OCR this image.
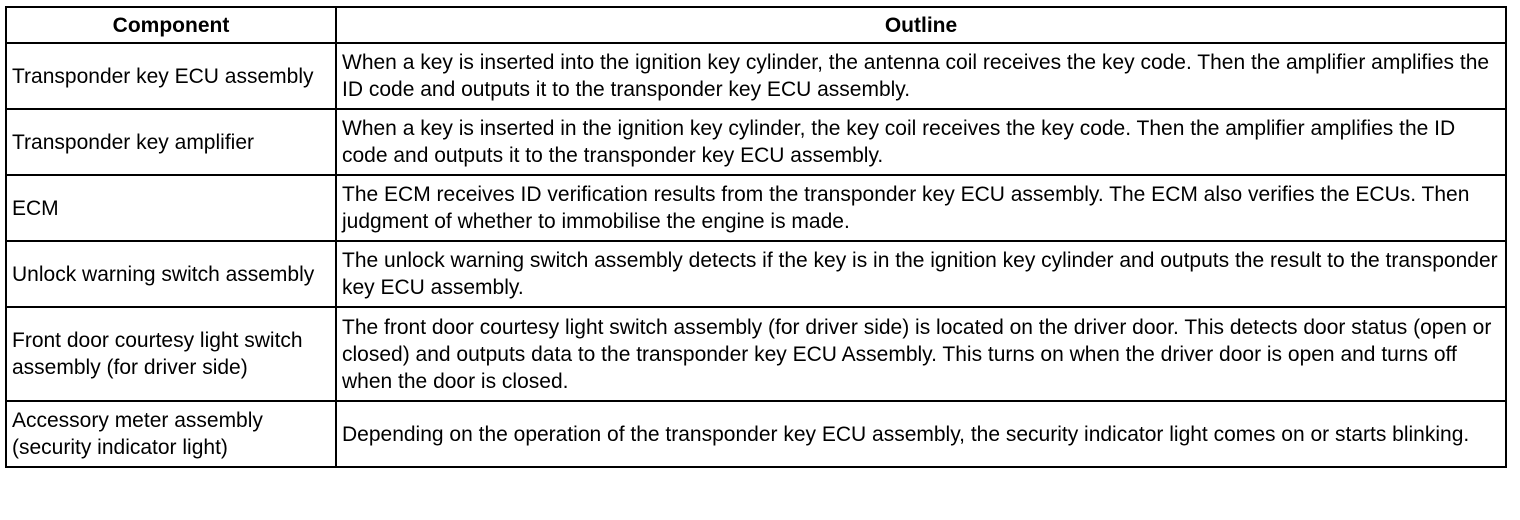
Component	Outline
Transponder key ECU assembly	When a key is inserted into the ignition key cylinder, the antenna coil receives the key code. Then the amplifier amplifies the ID code and outputs it to the transponder key ECU assembly.
Transponder key amplifier	When a key is inserted in the ignition key cylinder, the key coil receives the key code. Then the amplifier amplifies the ID code and outputs it to the transponder key ECU assembly.
ECM	The ECM receives ID verification results from the transponder key ECU assembly. The ECM also verifies the ECUs. Then judgment of whether to immobilise the engine is made.
Unlock warning switch assembly	The unlock warning switch assembly detects if the key is in the ignition key cylinder and outputs the result to the transponder key ECU assembly.
Front door courtesy light switch assembly (for driver side)	The front door courtesy light switch assembly (for driver side) is located on the driver door. This detects door status (open or closed) and outputs data to the transponder key ECU Assembly. This turns on when the driver door is open and turns off when the door is closed.
Accessory meter assembly (security indicator light)	Depending on the operation of the transponder key ECU assembly, the security indicator light comes on or starts blinking.
